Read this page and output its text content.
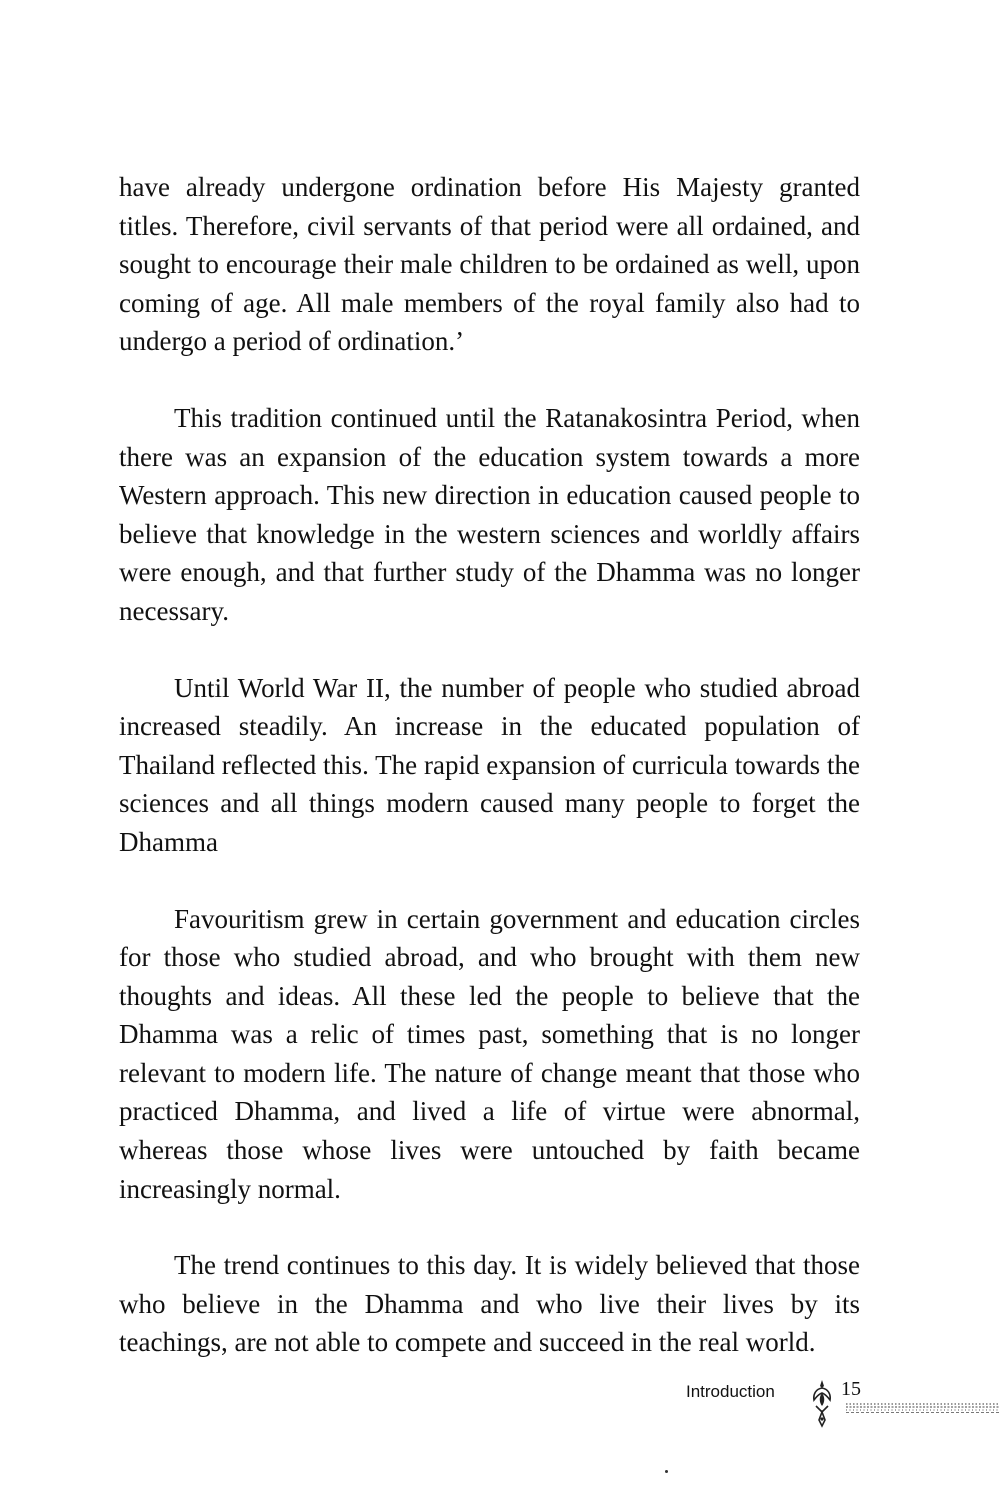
have already undergone ordination before His Majesty granted titles. Therefore, civil servants of that period were all ordained, and sought to encourage their male children to be ordained as well, upon coming of age. All male members of the royal family also had to undergo a period of ordination.’

This tradition continued until the Ratanakosintra Period, when there was an expansion of the education system towards a more Western approach. This new direction in education caused people to believe that knowledge in the western sciences and worldly affairs were enough, and that further study of the Dhamma was no longer necessary.

Until World War II, the number of people who studied abroad increased steadily. An increase in the educated population of Thailand reflected this. The rapid expansion of curricula towards the sciences and all things modern caused many people to forget the Dhamma

Favouritism grew in certain government and education circles for those who studied abroad, and who brought with them new thoughts and ideas. All these led the people to believe that the Dhamma was a relic of times past, something that is no longer relevant to modern life. The nature of change meant that those who practiced Dhamma, and lived a life of virtue were abnormal, whereas those whose lives were untouched by faith became increasingly normal.

The trend continues to this day. It is widely believed that those who believe in the Dhamma and who live their lives by its teachings, are not able to compete and succeed in the real world.

Introduction	15
